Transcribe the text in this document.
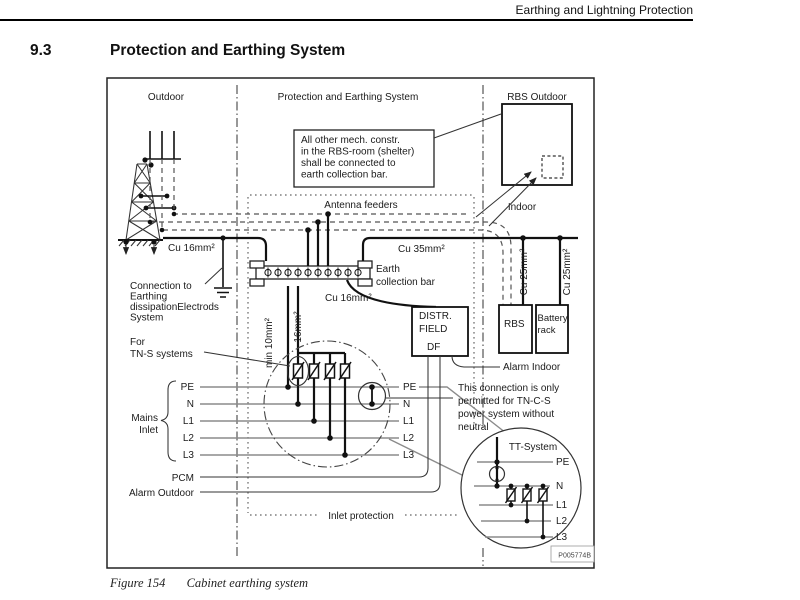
Earthing and Lightning Protection
9.3	Protection and Earthing System
Outdoor	Protection and Earthing System	RBS Outdoor
Indoor
Antenna feeders
All other mech. constr.
in the RBS-room (shelter)
shall be connected to
earth collection bar.
Cu 16mm²
Earth
collection bar
Cu 35mm²	Cu 25mm²	Cu 25mm²
RBS
Battery
rack
Connection to
Earthing
dissipationElectrods
System	min 10mm² 16mm²
Cu 16mm²
DISTR.
FIELD
DF
Alarm Indoor
PE
N
L1
L2
L3
PE
N
L1
L2
L3
Mains
Inlet
For
TN-S systems
This connection is only
permitted for TN-C-S
power system without
neutral
PCM
Alarm Outdoor
Inlet protection
TT-System
PE
N
L1
L2
L3
P005774B
Figure 154 Cabinet earthing system
